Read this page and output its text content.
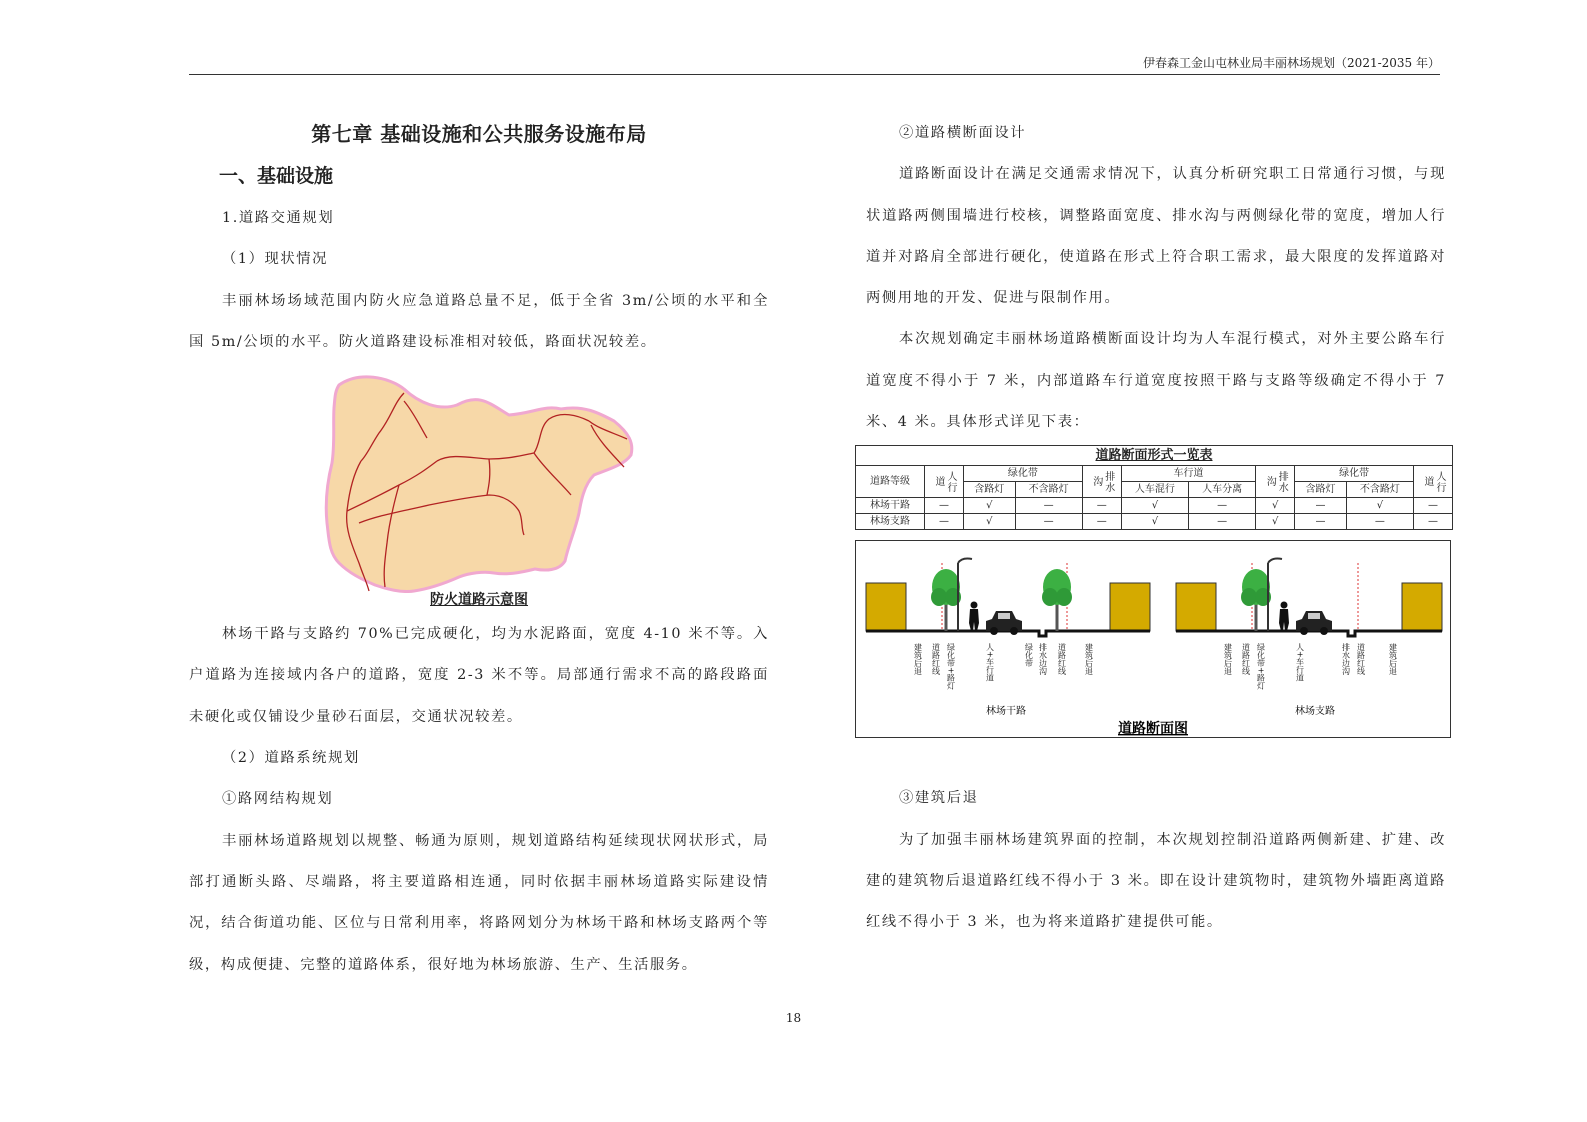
伊春森工金山屯林业局丰丽林场规划（2021-2035 年）
第七章 基础设施和公共服务设施布局
一、基础设施

1.道路交通规划

（1）现状情况

丰丽林场场域范围内防火应急道路总量不足，低于全省 3m/公顷的水平和全国 5m/公顷的水平。防火道路建设标准相对较低，路面状况较差。

防火道路示意图

林场干路与支路约 70%已完成硬化，均为水泥路面，宽度 4-10 米不等。入户道路为连接域内各户的道路，宽度 2-3 米不等。局部通行需求不高的路段路面未硬化或仅铺设少量砂石面层，交通状况较差。

（2）道路系统规划

①路网结构规划

丰丽林场道路规划以规整、畅通为原则，规划道路结构延续现状网状形式，局部打通断头路、尽端路，将主要道路相连通，同时依据丰丽林场道路实际建设情况，结合街道功能、区位与日常利用率，将路网划分为林场干路和林场支路两个等级，构成便捷、完整的道路体系，很好地为林场旅游、生产、生活服务。

②道路横断面设计

道路断面设计在满足交通需求情况下，认真分析研究职工日常通行习惯，与现状道路两侧围墙进行校核，调整路面宽度、排水沟与两侧绿化带的宽度，增加人行道并对路肩全部进行硬化，使道路在形式上符合职工需求，最大限度的发挥道路对两侧用地的开发、促进与限制作用。

本次规划确定丰丽林场道路横断面设计均为人车混行模式，对外主要公路车行道宽度不得小于 7 米，内部道路车行道宽度按照干路与支路等级确定不得小于 7 米、4 米。具体形式详见下表：

道路断面形式一览表										
道路等级	人行道	绿化带		排水沟	车行道		排水沟	绿化带		人行道

		含路灯	不含路灯		人车混行	人车分离		含路灯	不含路灯	
林场干路	—	√	—	—	√	—	√	—	√	—
林场支路	—	√	—	—	√	—	√	—	—	—
建筑后退 道路红线 绿化带+路灯	人+车行道	绿化带 排水边沟 道路红线 建筑后退	建筑后退 道路红线 绿化带+路灯	人+车行道	排水边沟 道路红线	建筑后退
林场干路	林场支路
道路断面图

③建筑后退

为了加强丰丽林场建筑界面的控制，本次规划控制沿道路两侧新建、扩建、改建的建筑物后退道路红线不得小于 3 米。即在设计建筑物时，建筑物外墙距离道路红线不得小于 3 米，也为将来道路扩建提供可能。

18
